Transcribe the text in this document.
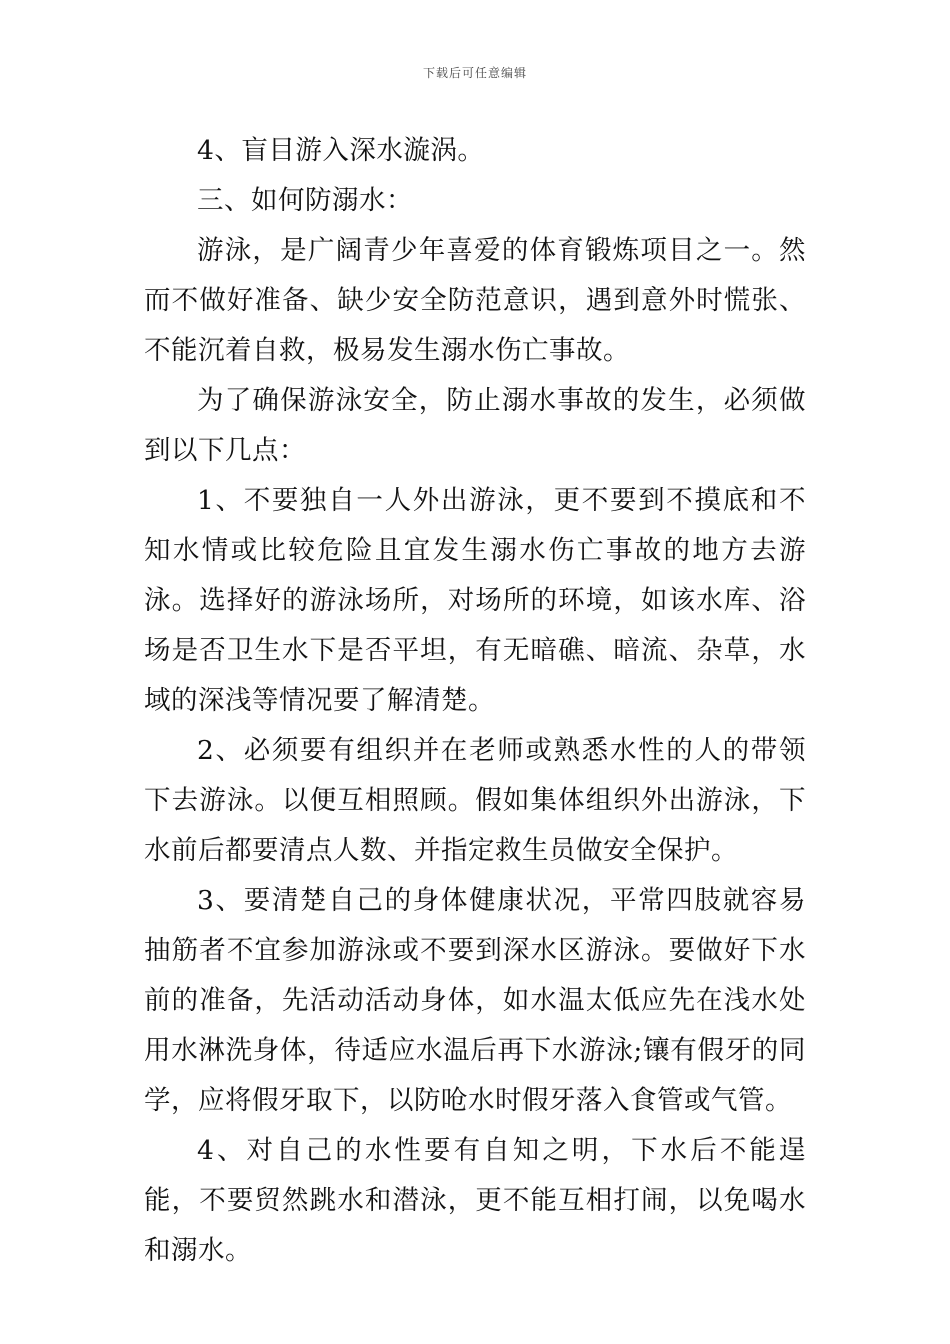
下载后可任意编辑

4、盲目游入深水漩涡。

三、如何防溺水：

游泳，是广阔青少年喜爱的体育锻炼项目之一。然而不做好准备、缺少安全防范意识，遇到意外时慌张、不能沉着自救，极易发生溺水伤亡事故。

为了确保游泳安全，防止溺水事故的发生，必须做到以下几点：

1、不要独自一人外出游泳，更不要到不摸底和不知水情或比较危险且宜发生溺水伤亡事故的地方去游泳。选择好的游泳场所，对场所的环境，如该水库、浴场是否卫生水下是否平坦，有无暗礁、暗流、杂草，水域的深浅等情况要了解清楚。

2、必须要有组织并在老师或熟悉水性的人的带领下去游泳。以便互相照顾。假如集体组织外出游泳，下水前后都要清点人数、并指定救生员做安全保护。

3、要清楚自己的身体健康状况，平常四肢就容易抽筋者不宜参加游泳或不要到深水区游泳。要做好下水前的准备，先活动活动身体，如水温太低应先在浅水处用水淋洗身体，待适应水温后再下水游泳;镶有假牙的同学，应将假牙取下，以防呛水时假牙落入食管或气管。

4、对自己的水性要有自知之明，下水后不能逞能，不要贸然跳水和潜泳，更不能互相打闹，以免喝水和溺水。
